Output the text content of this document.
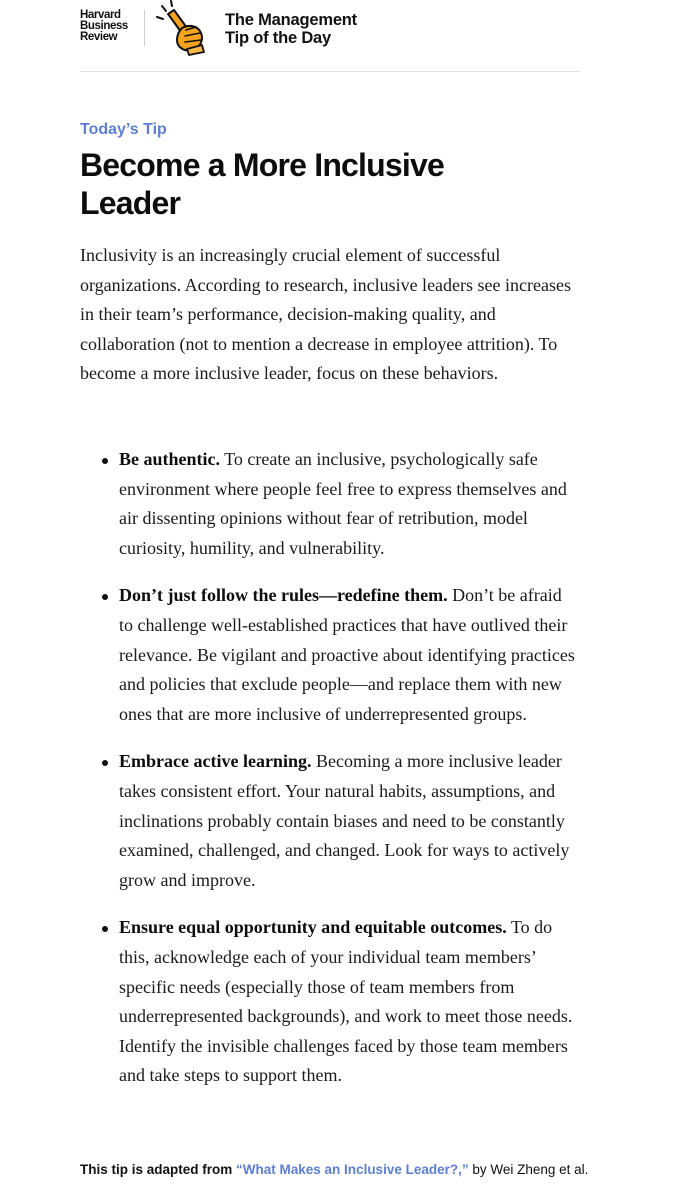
Harvard
Business
Review
The Management
Tip of the Day
Today’s Tip
Become a More Inclusive Leader

Inclusivity is an increasingly crucial element of successful organizations. According to research, inclusive leaders see increases in their team’s performance, decision-making quality, and collaboration (not to mention a decrease in employee attrition). To become a more inclusive leader, focus on these behaviors.

Be authentic. To create an inclusive, psychologically safe environment where people feel free to express themselves and air dissenting opinions without fear of retribution, model curiosity, humility, and vulnerability.
Don’t just follow the rules—redefine them. Don’t be afraid to challenge well-established practices that have outlived their relevance. Be vigilant and proactive about identifying practices and policies that exclude people—and replace them with new ones that are more inclusive of underrepresented groups.
Embrace active learning. Becoming a more inclusive leader takes consistent effort. Your natural habits, assumptions, and inclinations probably contain biases and need to be constantly examined, challenged, and changed. Look for ways to actively grow and improve.
Ensure equal opportunity and equitable outcomes. To do this, acknowledge each of your individual team members’ specific needs (especially those of team members from underrepresented backgrounds), and work to meet those needs. Identify the invisible challenges faced by those team members and take steps to support them.

This tip is adapted from “What Makes an Inclusive Leader?,” by Wei Zheng et al.
